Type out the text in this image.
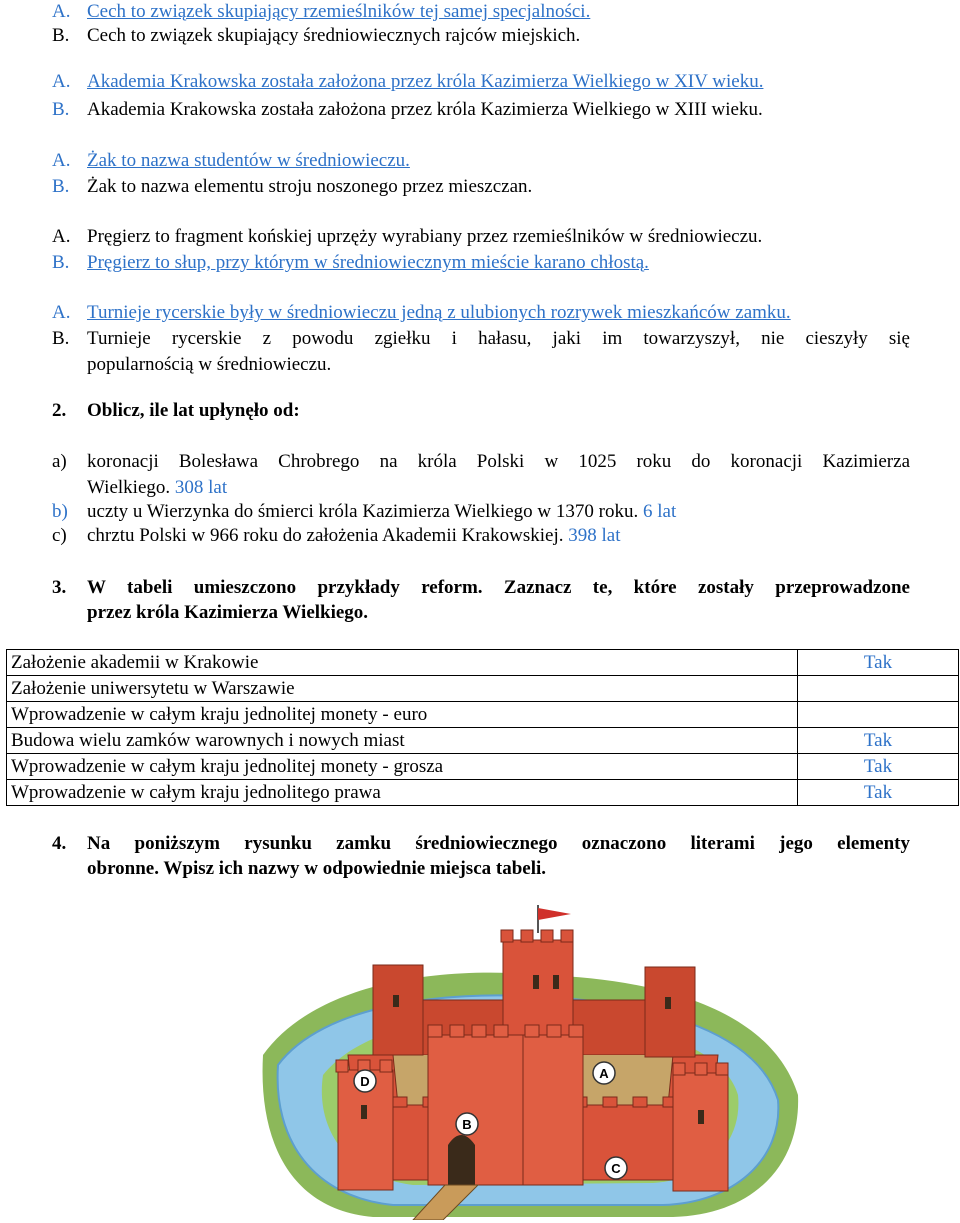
A. Cech to związek skupiający rzemieślników tej samej specjalności.
B. Cech to związek skupiający średniowiecznych rajców miejskich.
A. Akademia Krakowska została założona przez króla Kazimierza Wielkiego w XIV wieku.
B. Akademia Krakowska została założona przez króla Kazimierza Wielkiego w XIII wieku.
A. Żak to nazwa studentów w średniowieczu.
B. Żak to nazwa elementu stroju noszonego przez mieszczan.
A. Pręgierz to fragment końskiej uprzęży wyrabiany przez rzemieślników w średniowieczu.
B. Pręgierz to słup, przy którym w średniowiecznym mieście karano chłostą.
A. Turnieje rycerskie były w średniowieczu jedną z ulubionych rozrywek mieszkańców zamku.
B. Turnieje rycerskie z powodu zgiełku i hałasu, jaki im towarzyszył, nie cieszyły się
popularnością w średniowieczu.
2. Oblicz, ile lat upłynęło od:
a) koronacji Bolesława Chrobrego na króla Polski w 1025 roku do koronacji Kazimierza
Wielkiego. 308 lat
b) uczty u Wierzynka do śmierci króla Kazimierza Wielkiego w 1370 roku. 6 lat
c) chrztu Polski w 966 roku do założenia Akademii Krakowskiej. 398 lat
3. W tabeli umieszczono przykłady reform. Zaznacz te, które zostały przeprowadzone
przez króla Kazimierza Wielkiego.
Założenie akademii w Krakowie	Tak
Założenie uniwersytetu w Warszawie	
Wprowadzenie w całym kraju jednolitej monety - euro	
Budowa wielu zamków warownych i nowych miast	Tak
Wprowadzenie w całym kraju jednolitej monety - grosza	Tak
Wprowadzenie w całym kraju jednolitego prawa	Tak
4. Na poniższym rysunku zamku średniowiecznego oznaczono literami jego elementy
obronne. Wpisz ich nazwy w odpowiednie miejsca tabeli.
D
A
B
C
